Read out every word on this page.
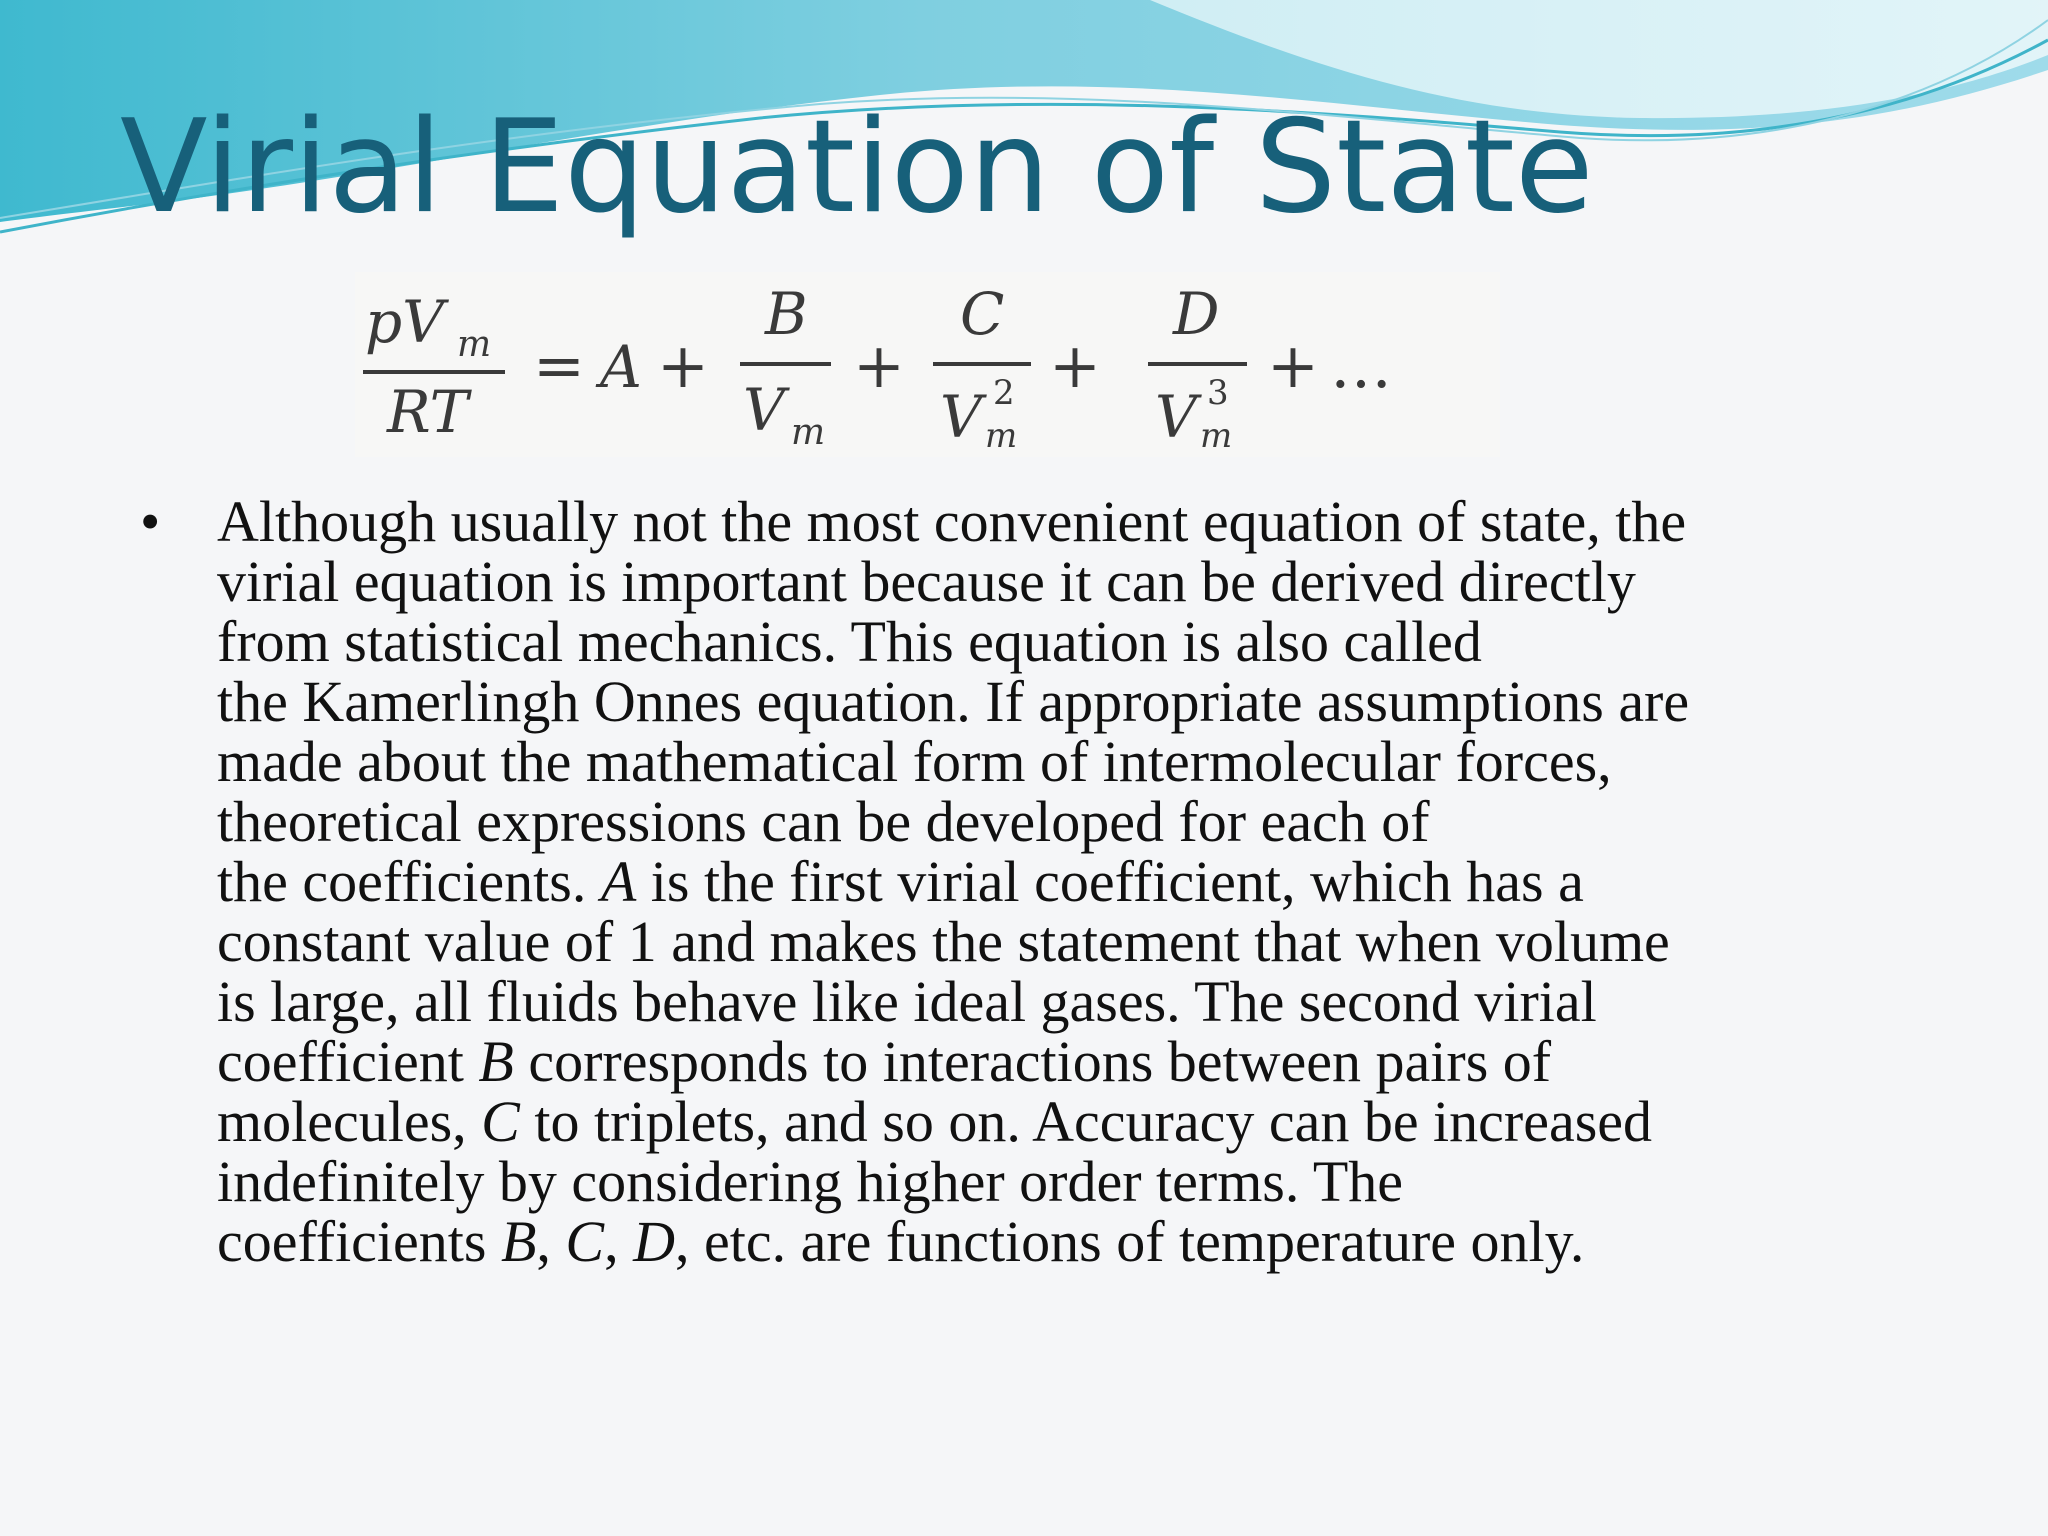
Virial Equation of State
pV m
RT
= A +
B
V m
+
C
V 2
m
+
D
V 3
m
+ …
• Although usually not the most convenient equation of state, the
virial equation is important because it can be derived directly
from statistical mechanics. This equation is also called
the Kamerlingh Onnes equation. If appropriate assumptions are
made about the mathematical form of intermolecular forces,
theoretical expressions can be developed for each of
the coefficients. A is the first virial coefficient, which has a
constant value of 1 and makes the statement that when volume
is large, all fluids behave like ideal gases. The second virial
coefficient B corresponds to interactions between pairs of
molecules, C to triplets, and so on. Accuracy can be increased
indefinitely by considering higher order terms. The
coefficients B, C, D, etc. are functions of temperature only.
